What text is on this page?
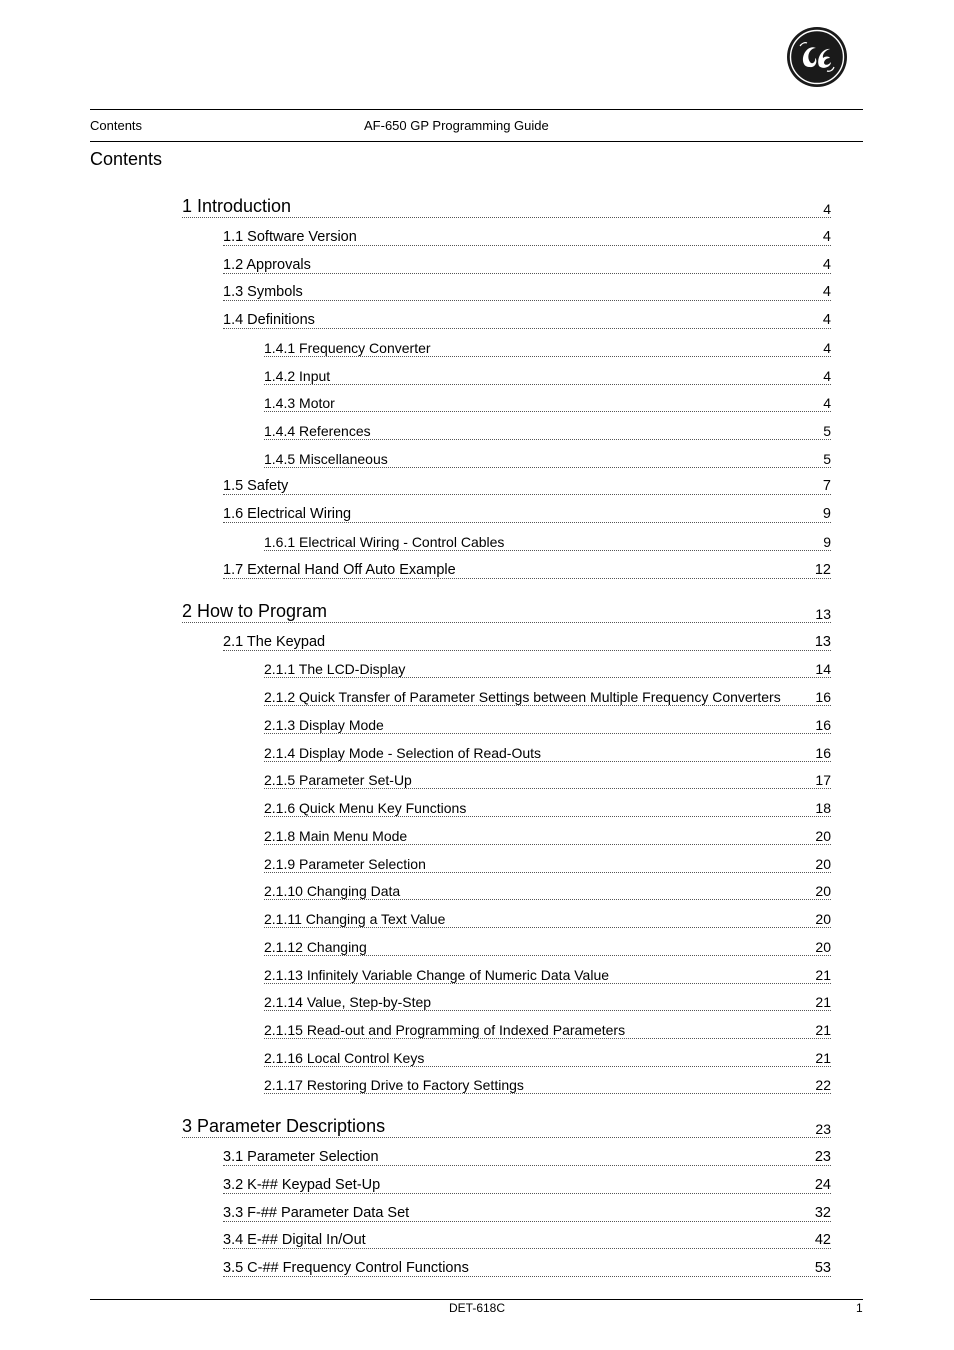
Contents	AF-650 GP Programming Guide
Contents
1 Introduction	4
1.1 Software Version	4
1.2 Approvals	4
1.3 Symbols	4
1.4 Definitions	4
1.4.1 Frequency Converter	4
1.4.2 Input	4
1.4.3 Motor	4
1.4.4 References	5
1.4.5 Miscellaneous	5
1.5 Safety	7
1.6 Electrical Wiring	9
1.6.1 Electrical Wiring - Control Cables	9
1.7 External Hand Off Auto Example	12
2 How to Program	13
2.1 The Keypad	13
2.1.1 The LCD-Display	14
2.1.2 Quick Transfer of Parameter Settings between Multiple Frequency Converters 16
2.1.3 Display Mode	16
2.1.4 Display Mode - Selection of Read-Outs	16
2.1.5 Parameter Set-Up	17
2.1.6 Quick Menu Key Functions	18
2.1.8 Main Menu Mode	20
2.1.9 Parameter Selection	20
2.1.10 Changing Data	20
2.1.11 Changing a Text Value	20
2.1.12 Changing	20
2.1.13 Infinitely Variable Change of Numeric Data Value	21
2.1.14 Value, Step-by-Step	21
2.1.15 Read-out and Programming of Indexed Parameters	21
2.1.16 Local Control Keys	21
2.1.17 Restoring Drive to Factory Settings	22
3 Parameter Descriptions	23
3.1 Parameter Selection	23
3.2 K-## Keypad Set-Up	24
3.3 F-## Parameter Data Set	32
3.4 E-## Digital In/Out	42
3.5 C-## Frequency Control Functions	53
DET-618C	1
